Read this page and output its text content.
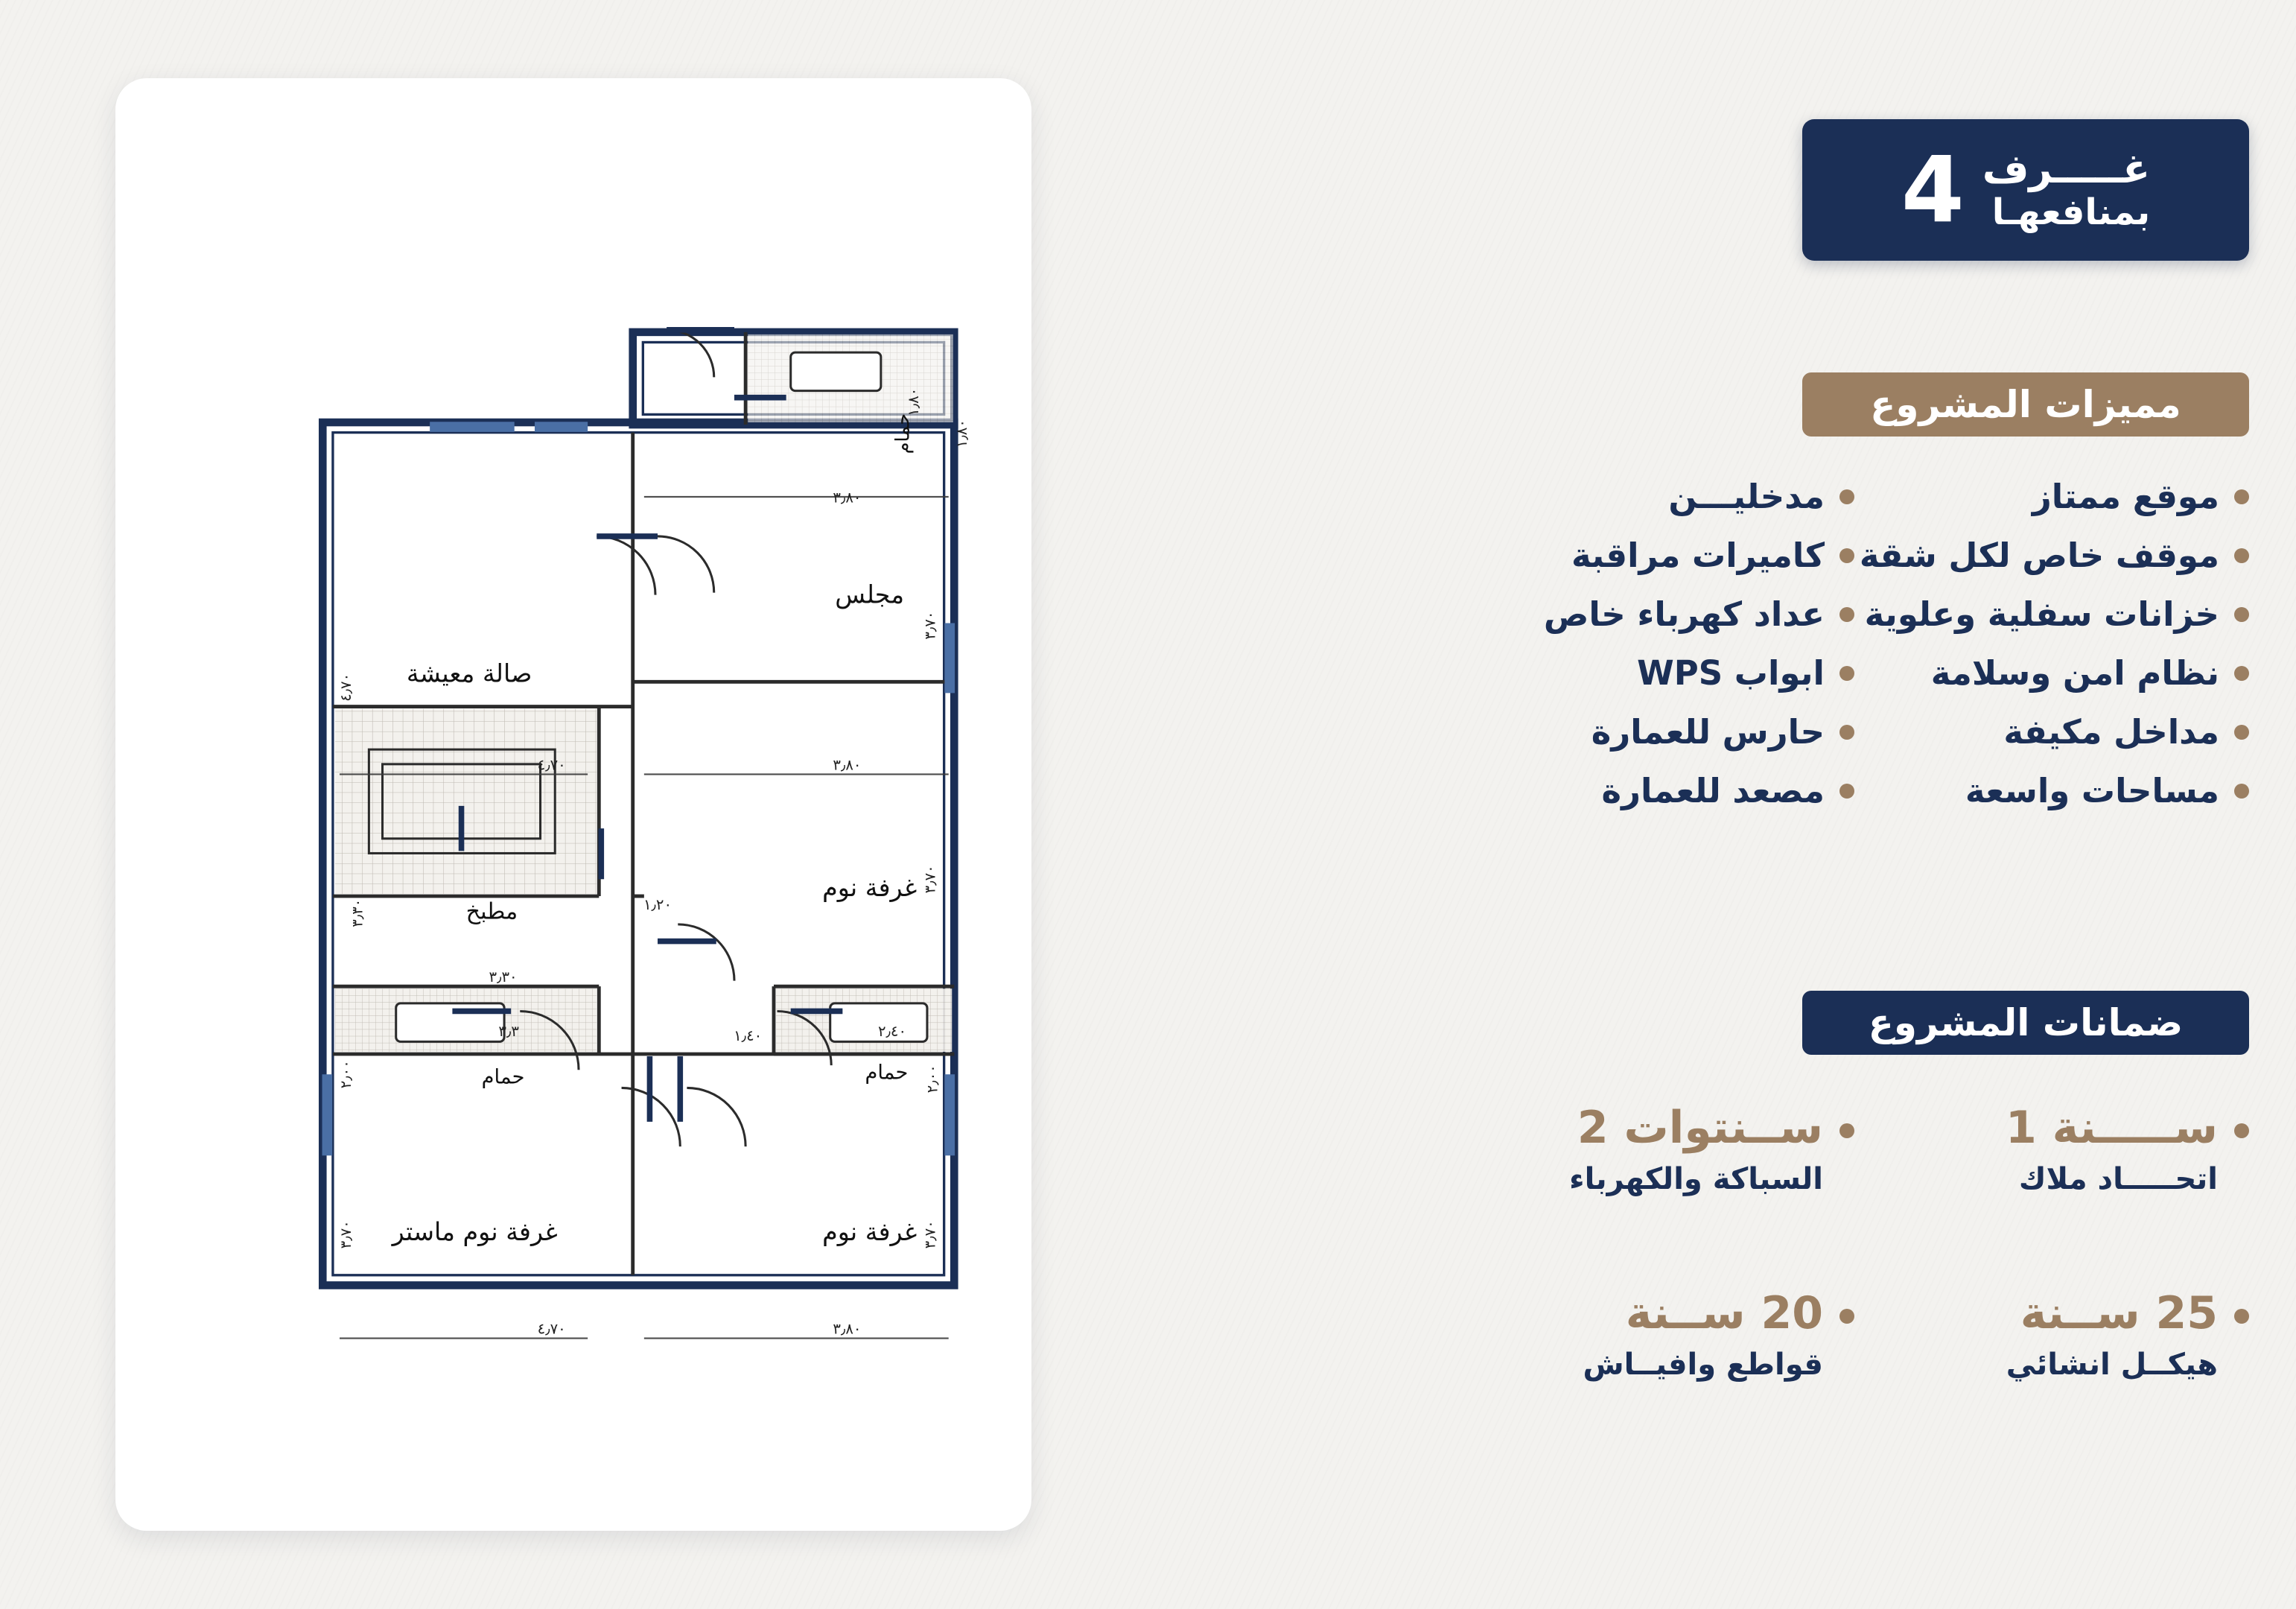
مجلس
صالة معيشة
غرفة نوم
مطبخ
حمام
حمام
حمام
غرفة نوم ماستر	غرفة نوم
١٫٨٠
٣٫٨٠
٤٫٧٠	٣٫٨٠
٤٫٧٠
٣٫٧٠
٣٫٧٠
١٫٢٠
٣٫٣٠
٣٫٣	٢٫٤٠
١٫٤٠
٢٫٠٠
٢٫٠٠
٤٫٧٠	٣٫٨٠
٣٫٧٠	٣٫٧٠
٣٫٣٠
١٫٨٠
غـــــرف
بمنافعهـا
4
مميزات المشروع
موقع ممتاز
موقف خاص لكل شقة
خزانات سفلية وعلوية
نظام امن وسلامة
مداخل مكيفة
مساحات واسعة
مدخليـــن
كاميرات مراقبة
عداد كهرباء خاص
ابواب WPS
حارس للعمارة
مصعد للعمارة
ضمانات المشروع
ســـــنة 1
اتحـــــاد ملاك
ســنتوات 2
السباكة والكهرباء
25 ســنة
هيكــل انشائي
20 ســنة
قواطع وافيــاش
